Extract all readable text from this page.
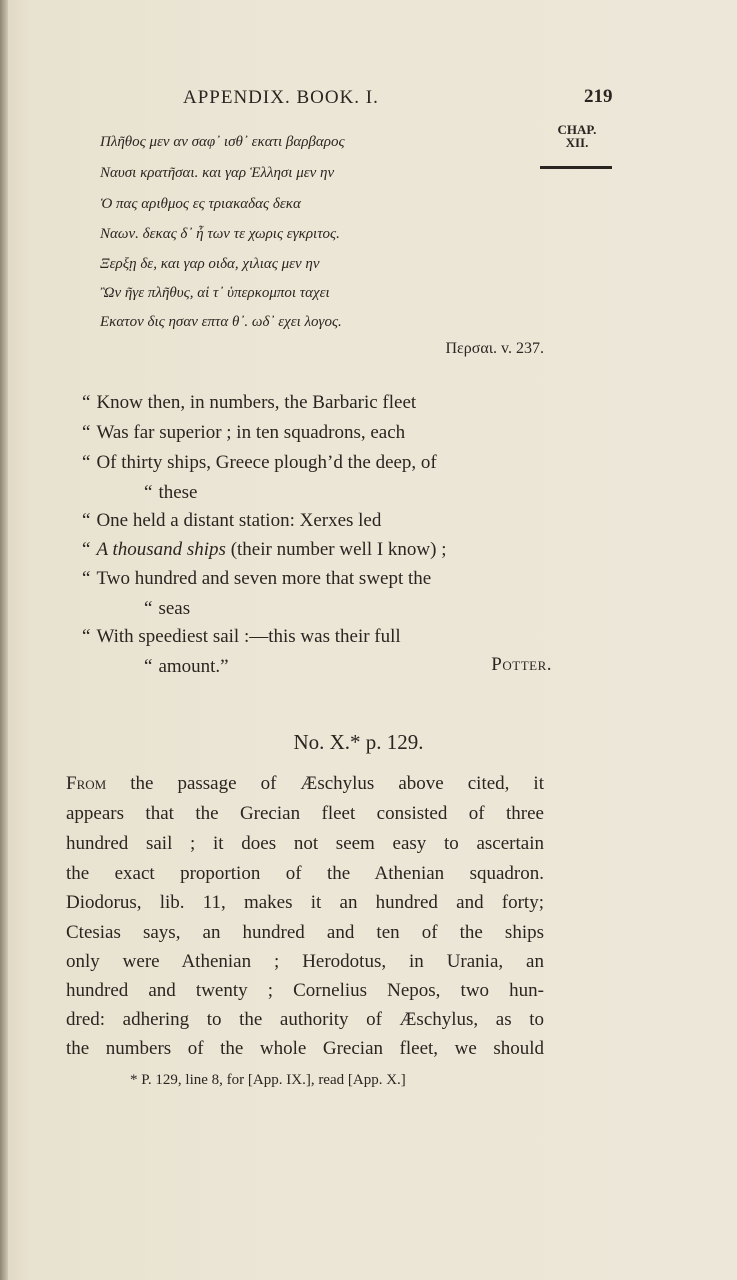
APPENDIX. BOOK. I.	219
CHAP.
XII.
Πλῆθος μεν αν σαφ᾽ ισθ᾽ εκατι βαρβαρος
Ναυσι κρατῆσαι. και γαρ Ἑλλησι μεν ην
Ὁ πας αριθμος ες τριακαδας δεκα
Ναων. δεκας δ᾽ ἦ των τε χωρις εγκριτος.
Ξερξῃ δε, και γαρ οιδα, χιλιας μεν ην
Ὢν ῆγε πλῆθυς, αἱ τ᾽ ὑπερκομποι ταχει
Εκατον δις ησαν επτα θ᾽. ωδ᾽ εχει λογος.
Περσαι. v. 237.
“ Know then, in numbers, the Barbaric fleet
“ Was far superior ; in ten squadrons, each
“ Of thirty ships, Greece plough’d the deep, of
“ these
“ One held a distant station: Xerxes led
“ A thousand ships (their number well I know) ;
“ Two hundred and seven more that swept the
“ seas
“ With speediest sail :—this was their full
“ amount.”	Potter.
No. X.* p. 129.
From the passage of Æschylus above cited, it
appears that the Grecian fleet consisted of three
hundred sail ; it does not seem easy to ascertain
the exact proportion of the Athenian squadron.
Diodorus, lib. 11, makes it an hundred and forty;
Ctesias says, an hundred and ten of the ships
only were Athenian ; Herodotus, in Urania, an
hundred and twenty ; Cornelius Nepos, two hun-
dred: adhering to the authority of Æschylus, as to
the numbers of the whole Grecian fleet, we should
* P. 129, line 8, for [App. IX.], read [App. X.]
